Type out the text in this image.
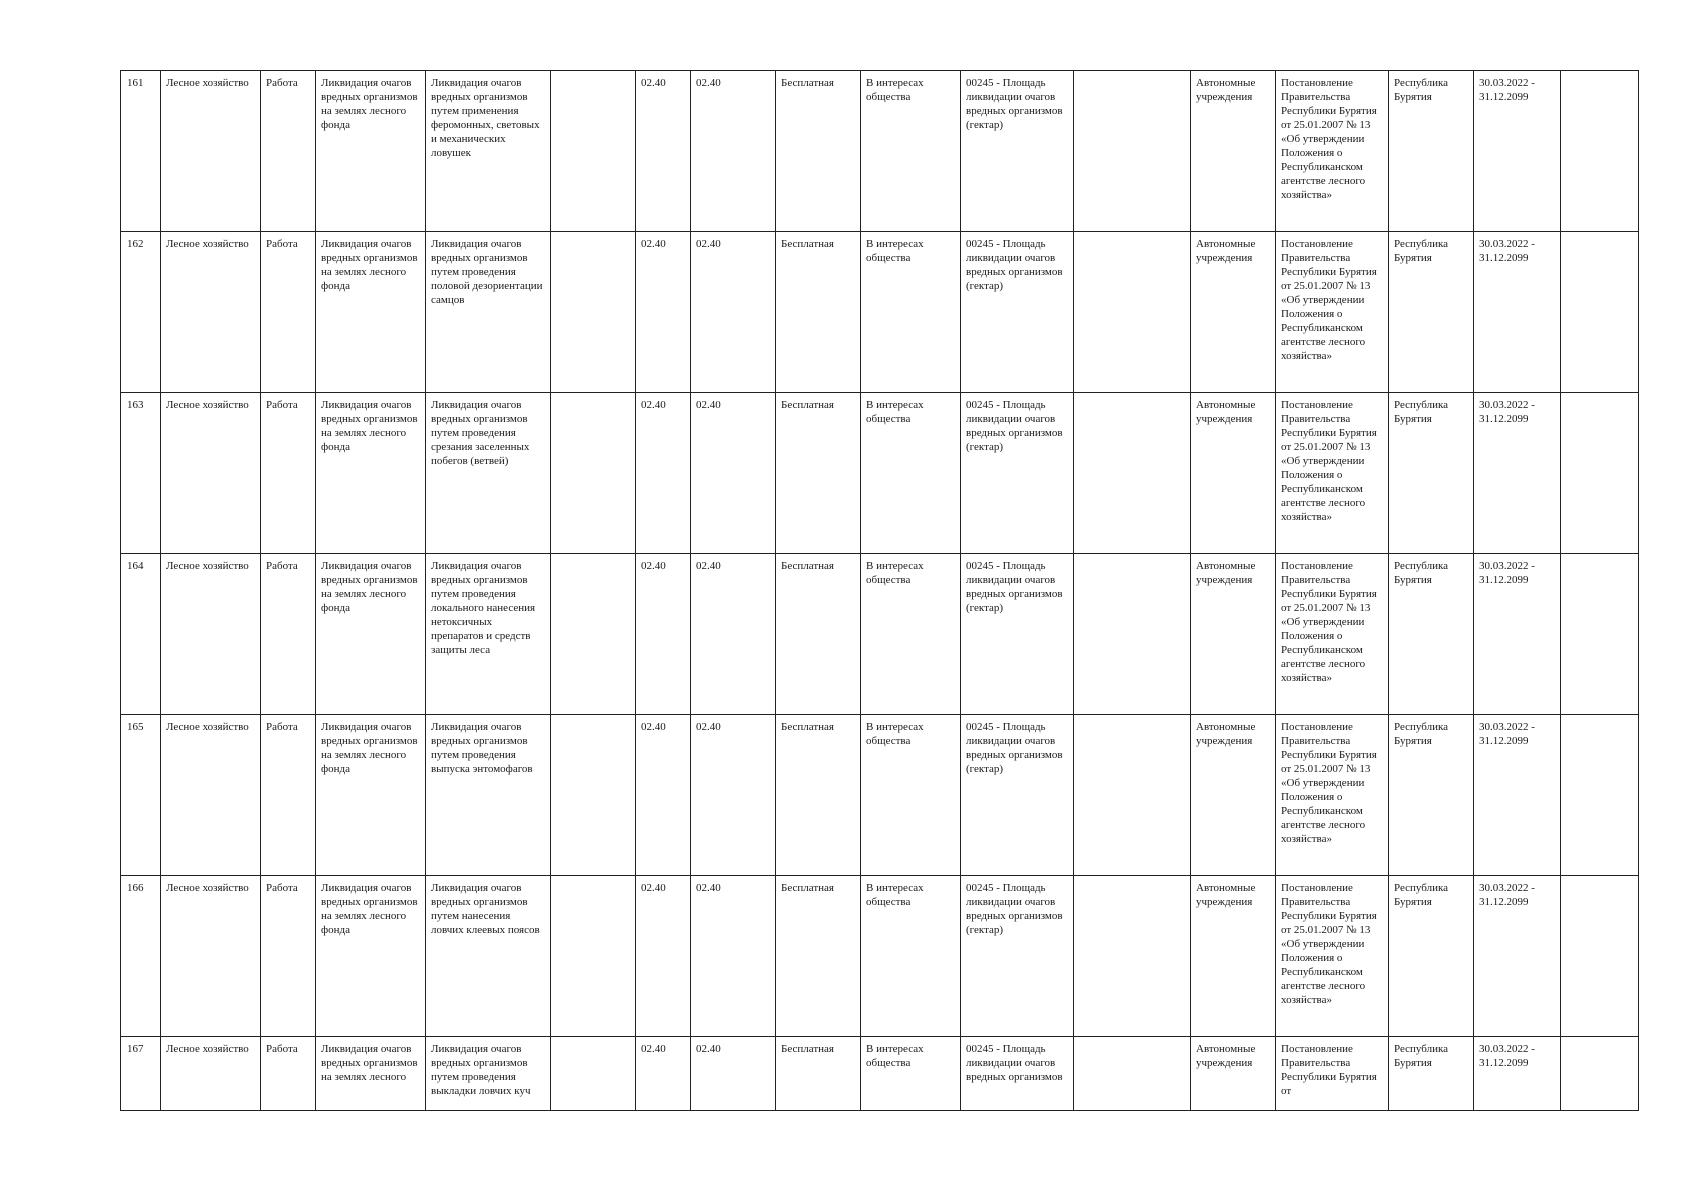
161	Лесное хозяйство	Работа	Ликвидация очагов вредных организмов на землях лесного фонда	Ликвидация очагов вредных организмов путем применения феромонных, световых и механических ловушек		02.40	02.40	Бесплатная	В интересах общества	00245 - Площадь ликвидации очагов вредных организмов (гектар)		Автономные учреждения	Постановление Правительства Республики Бурятия от 25.01.2007 № 13 «Об утверждении Положения о Республиканском агентстве лесного хозяйства»	Республика Бурятия	30.03.2022 - 31.12.2099	
162	Лесное хозяйство	Работа	Ликвидация очагов вредных организмов на землях лесного фонда	Ликвидация очагов вредных организмов путем проведения половой дезориентации самцов		02.40	02.40	Бесплатная	В интересах общества	00245 - Площадь ликвидации очагов вредных организмов (гектар)		Автономные учреждения	Постановление Правительства Республики Бурятия от 25.01.2007 № 13 «Об утверждении Положения о Республиканском агентстве лесного хозяйства»	Республика Бурятия	30.03.2022 - 31.12.2099	
163	Лесное хозяйство	Работа	Ликвидация очагов вредных организмов на землях лесного фонда	Ликвидация очагов вредных организмов путем проведения срезания заселенных побегов (ветвей)		02.40	02.40	Бесплатная	В интересах общества	00245 - Площадь ликвидации очагов вредных организмов (гектар)		Автономные учреждения	Постановление Правительства Республики Бурятия от 25.01.2007 № 13 «Об утверждении Положения о Республиканском агентстве лесного хозяйства»	Республика Бурятия	30.03.2022 - 31.12.2099	
164	Лесное хозяйство	Работа	Ликвидация очагов вредных организмов на землях лесного фонда	Ликвидация очагов вредных организмов путем проведения локального нанесения нетоксичных препаратов и средств защиты леса		02.40	02.40	Бесплатная	В интересах общества	00245 - Площадь ликвидации очагов вредных организмов (гектар)		Автономные учреждения	Постановление Правительства Республики Бурятия от 25.01.2007 № 13 «Об утверждении Положения о Республиканском агентстве лесного хозяйства»	Республика Бурятия	30.03.2022 - 31.12.2099	
165	Лесное хозяйство	Работа	Ликвидация очагов вредных организмов на землях лесного фонда	Ликвидация очагов вредных организмов путем проведения выпуска энтомофагов		02.40	02.40	Бесплатная	В интересах общества	00245 - Площадь ликвидации очагов вредных организмов (гектар)		Автономные учреждения	Постановление Правительства Республики Бурятия от 25.01.2007 № 13 «Об утверждении Положения о Республиканском агентстве лесного хозяйства»	Республика Бурятия	30.03.2022 - 31.12.2099	
166	Лесное хозяйство	Работа	Ликвидация очагов вредных организмов на землях лесного фонда	Ликвидация очагов вредных организмов путем нанесения ловчих клеевых поясов		02.40	02.40	Бесплатная	В интересах общества	00245 - Площадь ликвидации очагов вредных организмов (гектар)		Автономные учреждения	Постановление Правительства Республики Бурятия от 25.01.2007 № 13 «Об утверждении Положения о Республиканском агентстве лесного хозяйства»	Республика Бурятия	30.03.2022 - 31.12.2099	
167	Лесное хозяйство	Работа	Ликвидация очагов вредных организмов на землях лесного	Ликвидация очагов вредных организмов путем проведения выкладки ловчих куч		02.40	02.40	Бесплатная	В интересах общества	00245 - Площадь ликвидации очагов вредных организмов		Автономные учреждения	Постановление Правительства Республики Бурятия от	Республика Бурятия	30.03.2022 - 31.12.2099	
